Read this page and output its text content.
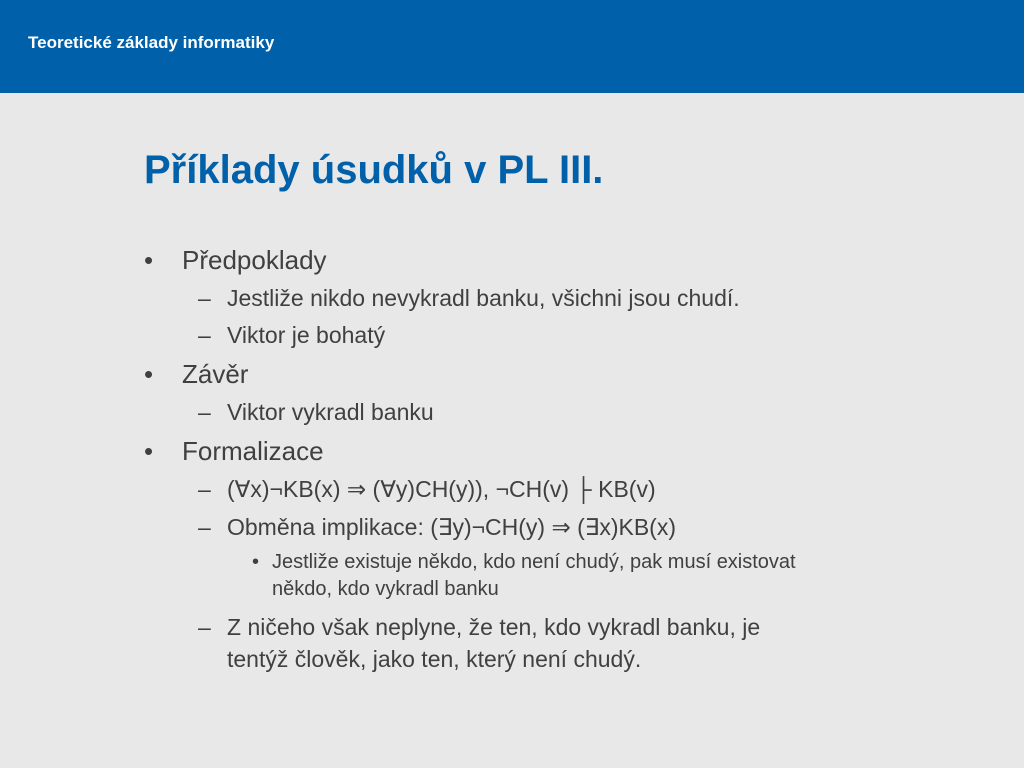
Teoretické základy informatiky
Příklady úsudků v PL III.
• Předpoklady
– Jestliže nikdo nevykradl banku, všichni jsou chudí.
– Viktor je bohatý
• Závěr
– Viktor vykradl banku
• Formalizace
– (∀x)¬KB(x) ⇒ (∀y)CH(y)), ¬CH(v) ├ KB(v)
– Obměna implikace: (∃y)¬CH(y) ⇒ (∃x)KB(x)
• Jestliže existuje někdo, kdo není chudý, pak musí existovat
někdo, kdo vykradl banku
– Z ničeho však neplyne, že ten, kdo vykradl banku, je
tentýž člověk, jako ten, který není chudý.
